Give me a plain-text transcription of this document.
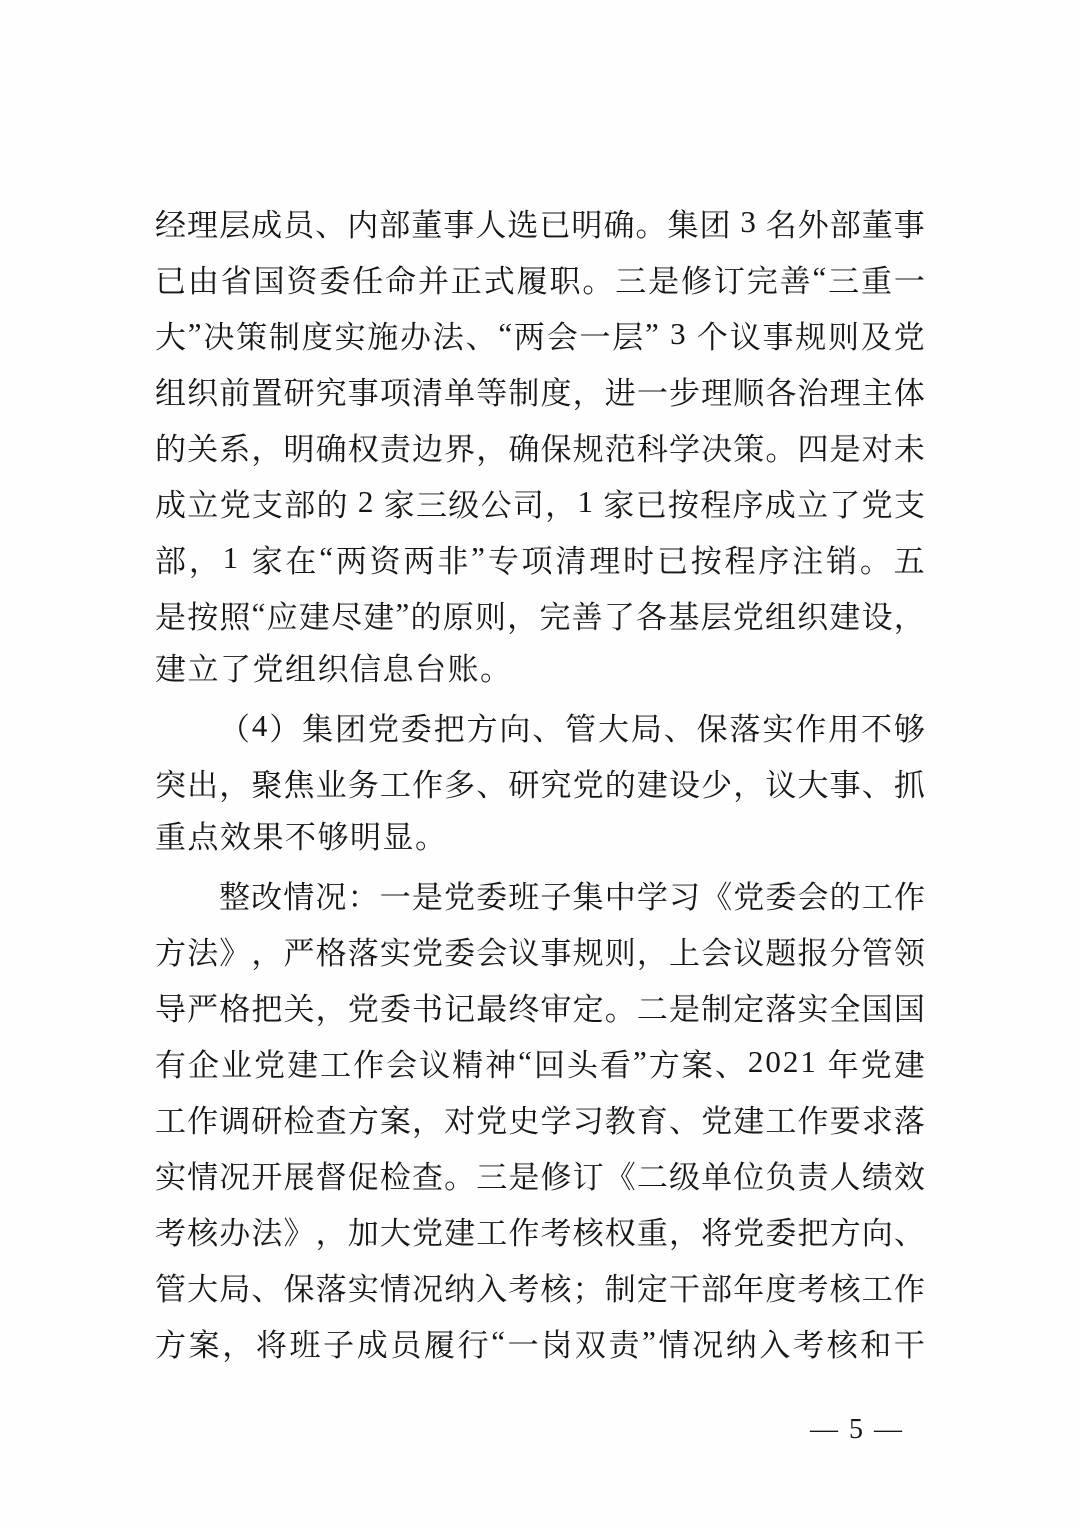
经 理 层 成 员 、 内 部 董 事 人 选 已 明 确 。 集 团
3
名 外 部 董 事
已 由 省 国 资 委 任 命 并 正 式 履 职 。 三 是 修 订 完 善 “ 三 重 一
大 ” 决 策 制 度 实 施 办 法 、 “ 两 会 一 层 ”
3
个 议 事 规 则 及 党
组 织 前 置 研 究 事 项 清 单 等 制 度 ， 进 一 步 理 顺 各 治 理 主 体
的 关 系 ， 明 确 权 责 边 界 ， 确 保 规 范 科 学 决 策 。 四 是 对 未
成 立 党 支 部 的
2
家 三 级 公 司 ， 1
家 已 按 程 序 成 立 了 党 支
部 ， 1
家 在 “ 两 资 两 非 ” 专 项 清 理 时 已 按 程 序 注 销 。 五
是 按 照 “ 应 建 尽 建 ” 的 原 则 ， 完 善 了 各 基 层 党 组 织 建 设 ，
建立了党组织信息台账。
（ 4 ） 集 团 党 委 把 方 向 、 管 大 局 、 保 落 实 作 用 不 够
突 出 ， 聚 焦 业 务 工 作 多 、 研 究 党 的 建 设 少 ， 议 大 事 、 抓
重点效果不够明显。
整 改 情 况 ： 一 是 党 委 班 子 集 中 学 习 《 党 委 会 的 工 作
方 法 》 ， 严 格 落 实 党 委 会 议 事 规 则 ， 上 会 议 题 报 分 管 领
导 严 格 把 关 ， 党 委 书 记 最 终 审 定 。 二 是 制 定 落 实 全 国 国
有 企 业 党 建 工 作 会 议 精 神 “ 回 头 看 ” 方 案 、 2 0 2 1
年 党 建
工 作 调 研 检 查 方 案 ， 对 党 史 学 习 教 育 、 党 建 工 作 要 求 落
实 情 况 开 展 督 促 检 查 。 三 是 修 订 《 二 级 单 位 负 责 人 绩 效
考 核 办 法 》 ， 加 大 党 建 工 作 考 核 权 重 ， 将 党 委 把 方 向 、
管 大 局 、 保 落 实 情 况 纳 入 考 核 ； 制 定 干 部 年 度 考 核 工 作
方 案 ， 将 班 子 成 员 履 行 “ 一 岗 双 责 ” 情 况 纳 入 考 核 和 干
— 5 —
